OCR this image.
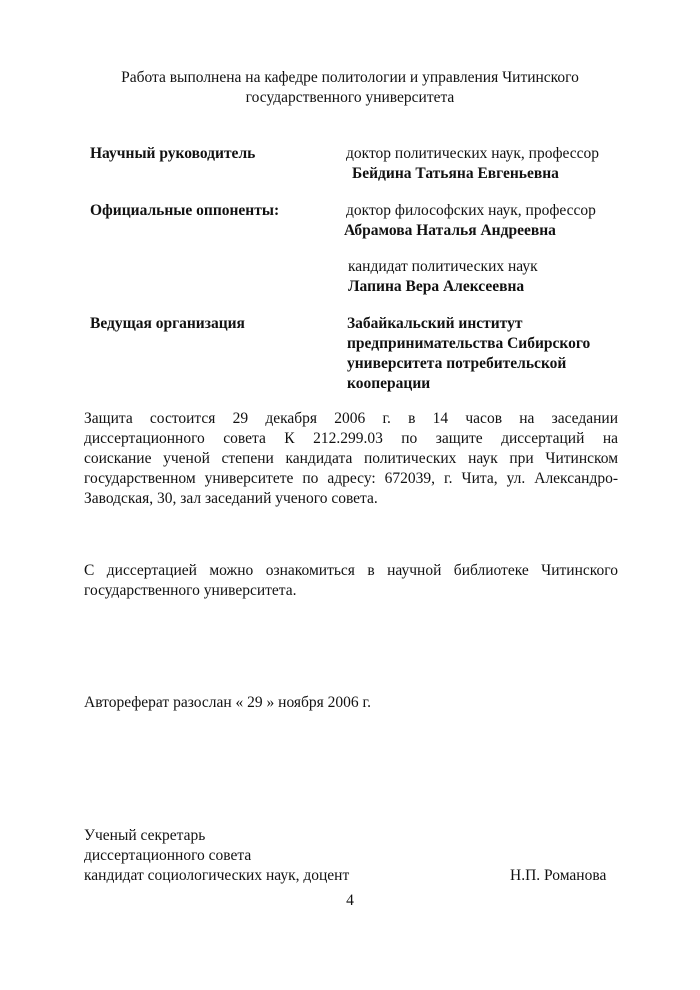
Работа выполнена на кафедре политологии и управления Читинского
государственного университета
Научный руководитель	доктор политических наук, профессор
Бейдина Татьяна Евгеньевна
Официальные оппоненты:	доктор философских наук, профессор
Абрамова Наталья Андреевна
кандидат политических наук
Лапина Вера Алексеевна
Ведущая организация	Забайкальский институт
предпринимательства Сибирского
университета потребительской
кооперации
Защита состоится 29 декабря 2006 г. в 14 часов на заседании
диссертационного совета К 212.299.03 по защите диссертаций на
соискание ученой степени кандидата политических наук при Читинском
государственном университете по адресу: 672039, г. Чита, ул. Александро-
Заводская, 30, зал заседаний ученого совета.
С диссертацией можно ознакомиться в научной библиотеке Читинского
государственного университета.
Автореферат разослан « 29 » ноября 2006 г.
Ученый секретарь
диссертационного совета
кандидат социологических наук, доцент	Н.П. Романова
4
